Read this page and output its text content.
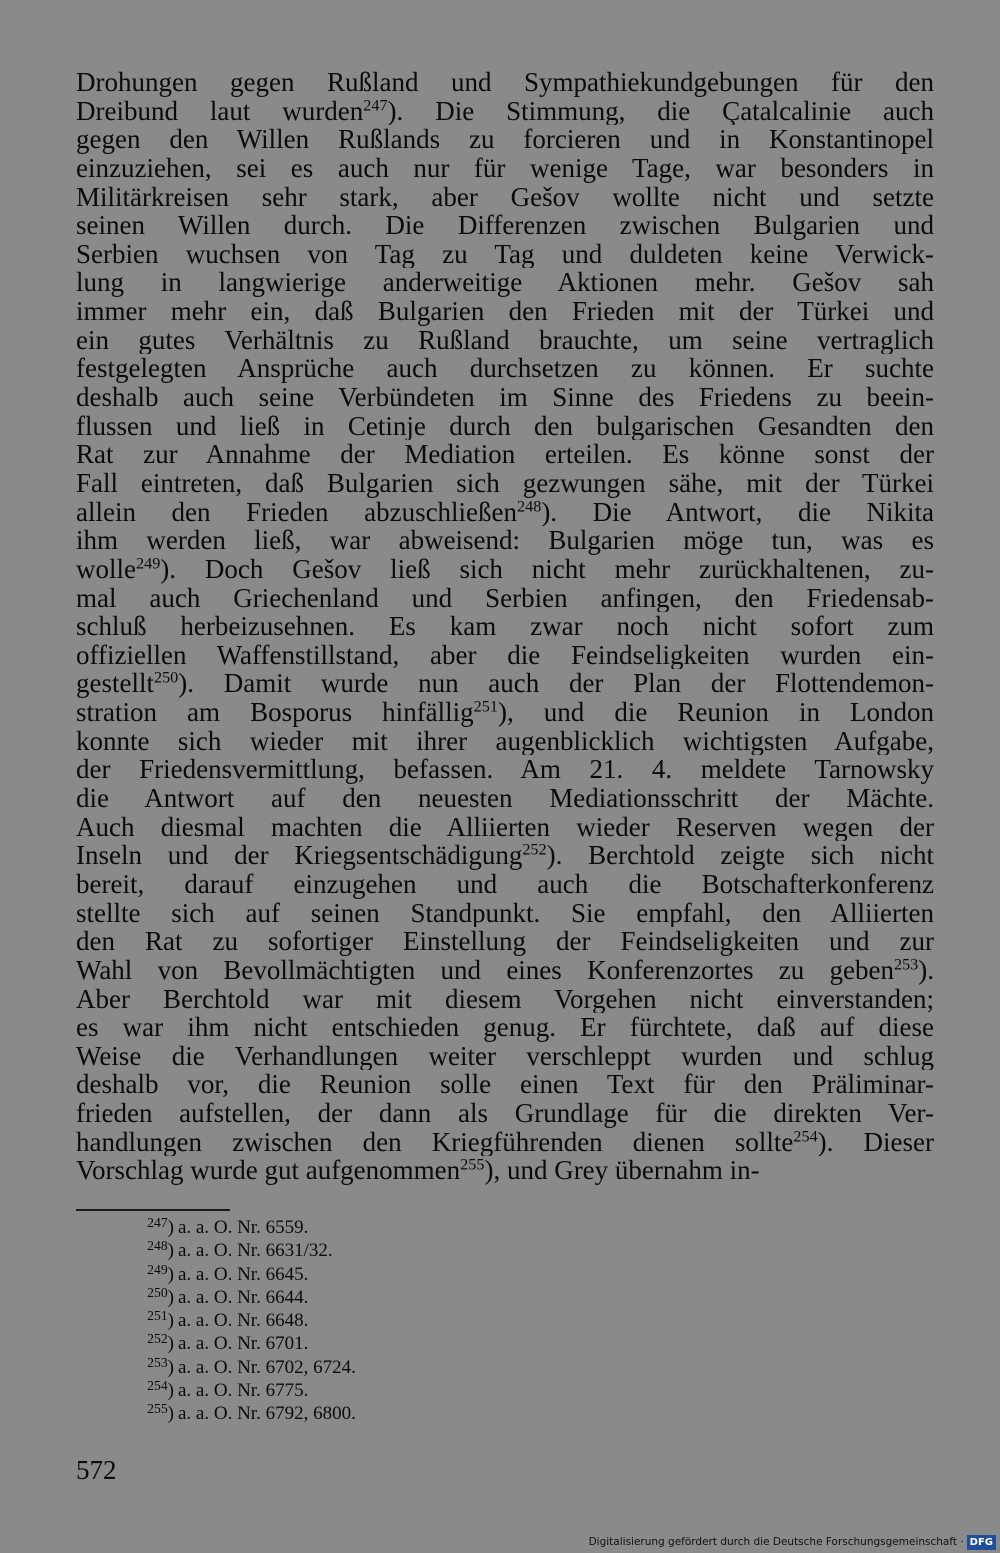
Drohungen gegen Rußland und Sympathiekundgebungen für den
Dreibund laut wurden$^{247}$). Die Stimmung, die Çatalcalinie auch
gegen den Willen Rußlands zu forcieren und in Konstantinopel
einzuziehen, sei es auch nur für wenige Tage, war besonders in
Militärkreisen sehr stark, aber Gešov wollte nicht und setzte
seinen Willen durch. Die Differenzen zwischen Bulgarien und
Serbien wuchsen von Tag zu Tag und duldeten keine Verwick-
lung in langwierige anderweitige Aktionen mehr. Gešov sah
immer mehr ein, daß Bulgarien den Frieden mit der Türkei und
ein gutes Verhältnis zu Rußland brauchte, um seine vertraglich
festgelegten Ansprüche auch durchsetzen zu können. Er suchte
deshalb auch seine Verbündeten im Sinne des Friedens zu beein-
flussen und ließ in Cetinje durch den bulgarischen Gesandten den
Rat zur Annahme der Mediation erteilen. Es könne sonst der
Fall eintreten, daß Bulgarien sich gezwungen sähe, mit der Türkei
allein den Frieden abzuschließen$^{248}$). Die Antwort, die Nikita
ihm werden ließ, war abweisend: Bulgarien möge tun, was es
wolle$^{249}$). Doch Gešov ließ sich nicht mehr zurückhaltenen, zu-
mal auch Griechenland und Serbien anfingen, den Friedensab-
schluß herbeizusehnen. Es kam zwar noch nicht sofort zum
offiziellen Waffenstillstand, aber die Feindseligkeiten wurden ein-
gestellt$^{250}$). Damit wurde nun auch der Plan der Flottendemon-
stration am Bosporus hinfällig$^{251}$), und die Reunion in London
konnte sich wieder mit ihrer augenblicklich wichtigsten Aufgabe,
der Friedensvermittlung, befassen. Am 21. 4. meldete Tarnowsky
die Antwort auf den neuesten Mediationsschritt der Mächte.
Auch diesmal machten die Alliierten wieder Reserven wegen der
Inseln und der Kriegsentschädigung$^{252}$). Berchtold zeigte sich nicht
bereit, darauf einzugehen und auch die Botschafterkonferenz
stellte sich auf seinen Standpunkt. Sie empfahl, den Alliierten
den Rat zu sofortiger Einstellung der Feindseligkeiten und zur
Wahl von Bevollmächtigten und eines Konferenzortes zu geben$^{253}$).
Aber Berchtold war mit diesem Vorgehen nicht einverstanden;
es war ihm nicht entschieden genug. Er fürchtete, daß auf diese
Weise die Verhandlungen weiter verschleppt wurden und schlug
deshalb vor, die Reunion solle einen Text für den Präliminar-
frieden aufstellen, der dann als Grundlage für die direkten Ver-
handlungen zwischen den Kriegführenden dienen sollte$^{254}$). Dieser
Vorschlag wurde gut aufgenommen$^{255}$), und Grey übernahm in-
$^{247}$) a. a. O. Nr. 6559.
$^{248}$) a. a. O. Nr. 6631/32.
$^{249}$) a. a. O. Nr. 6645.
$^{250}$) a. a. O. Nr. 6644.
$^{251}$) a. a. O. Nr. 6648.
$^{252}$) a. a. O. Nr. 6701.
$^{253}$) a. a. O. Nr. 6702, 6724.
$^{254}$) a. a. O. Nr. 6775.
$^{255}$) a. a. O. Nr. 6792, 6800.
572
Digitalisierung gefördert durch die Deutsche Forschungsgemeinschaft · DFG
